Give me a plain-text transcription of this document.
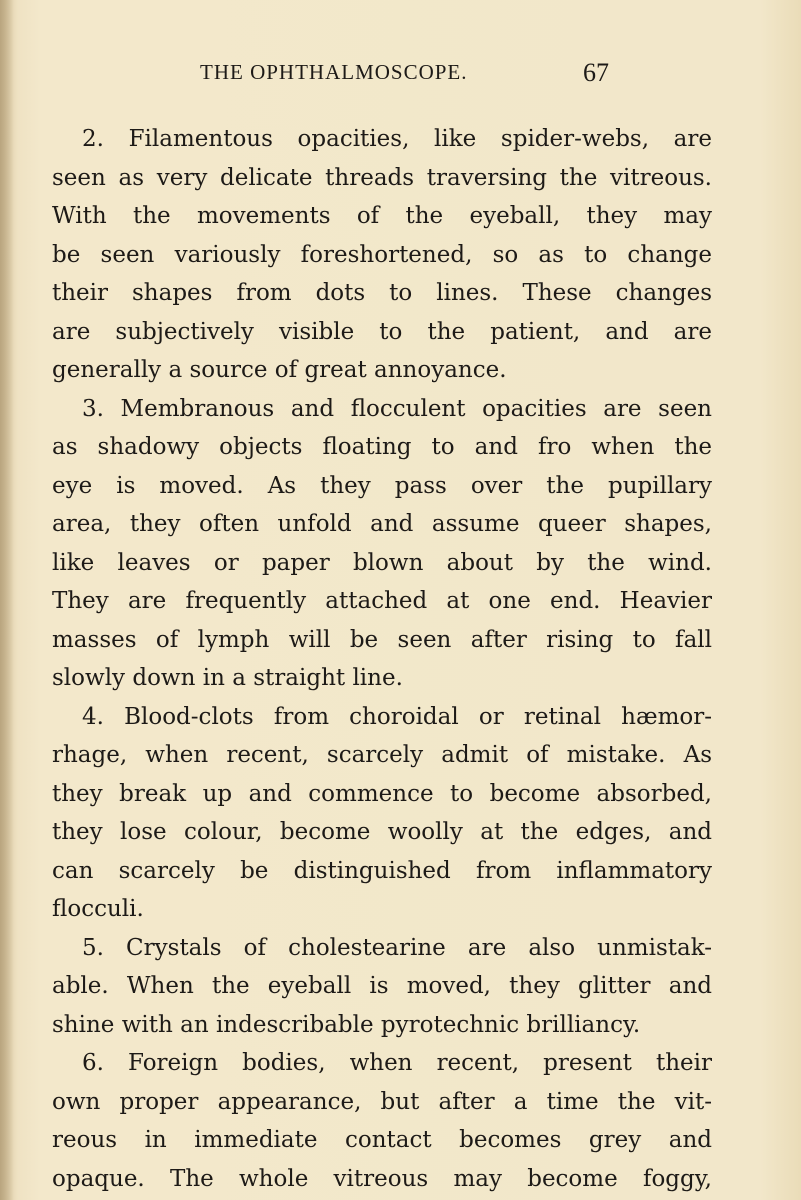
THE OPHTHALMOSCOPE.	67
2. Filamentous opacities, like spider-webs, are
seen as very delicate threads traversing the vitreous.
With the movements of the eyeball, they may
be seen variously foreshortened, so as to change
their shapes from dots to lines. These changes
are subjectively visible to the patient, and are
generally a source of great annoyance.
3. Membranous and flocculent opacities are seen
as shadowy objects floating to and fro when the
eye is moved. As they pass over the pupillary
area, they often unfold and assume queer shapes,
like leaves or paper blown about by the wind.
They are frequently attached at one end. Heavier
masses of lymph will be seen after rising to fall
slowly down in a straight line.
4. Blood-clots from choroidal or retinal hæmor-
rhage, when recent, scarcely admit of mistake. As
they break up and commence to become absorbed,
they lose colour, become woolly at the edges, and
can scarcely be distinguished from inflammatory
flocculi.
5. Crystals of cholestearine are also unmistak-
able. When the eyeball is moved, they glitter and
shine with an indescribable pyrotechnic brilliancy.
6. Foreign bodies, when recent, present their
own proper appearance, but after a time the vit-
reous in immediate contact becomes grey and
opaque. The whole vitreous may become foggy,
